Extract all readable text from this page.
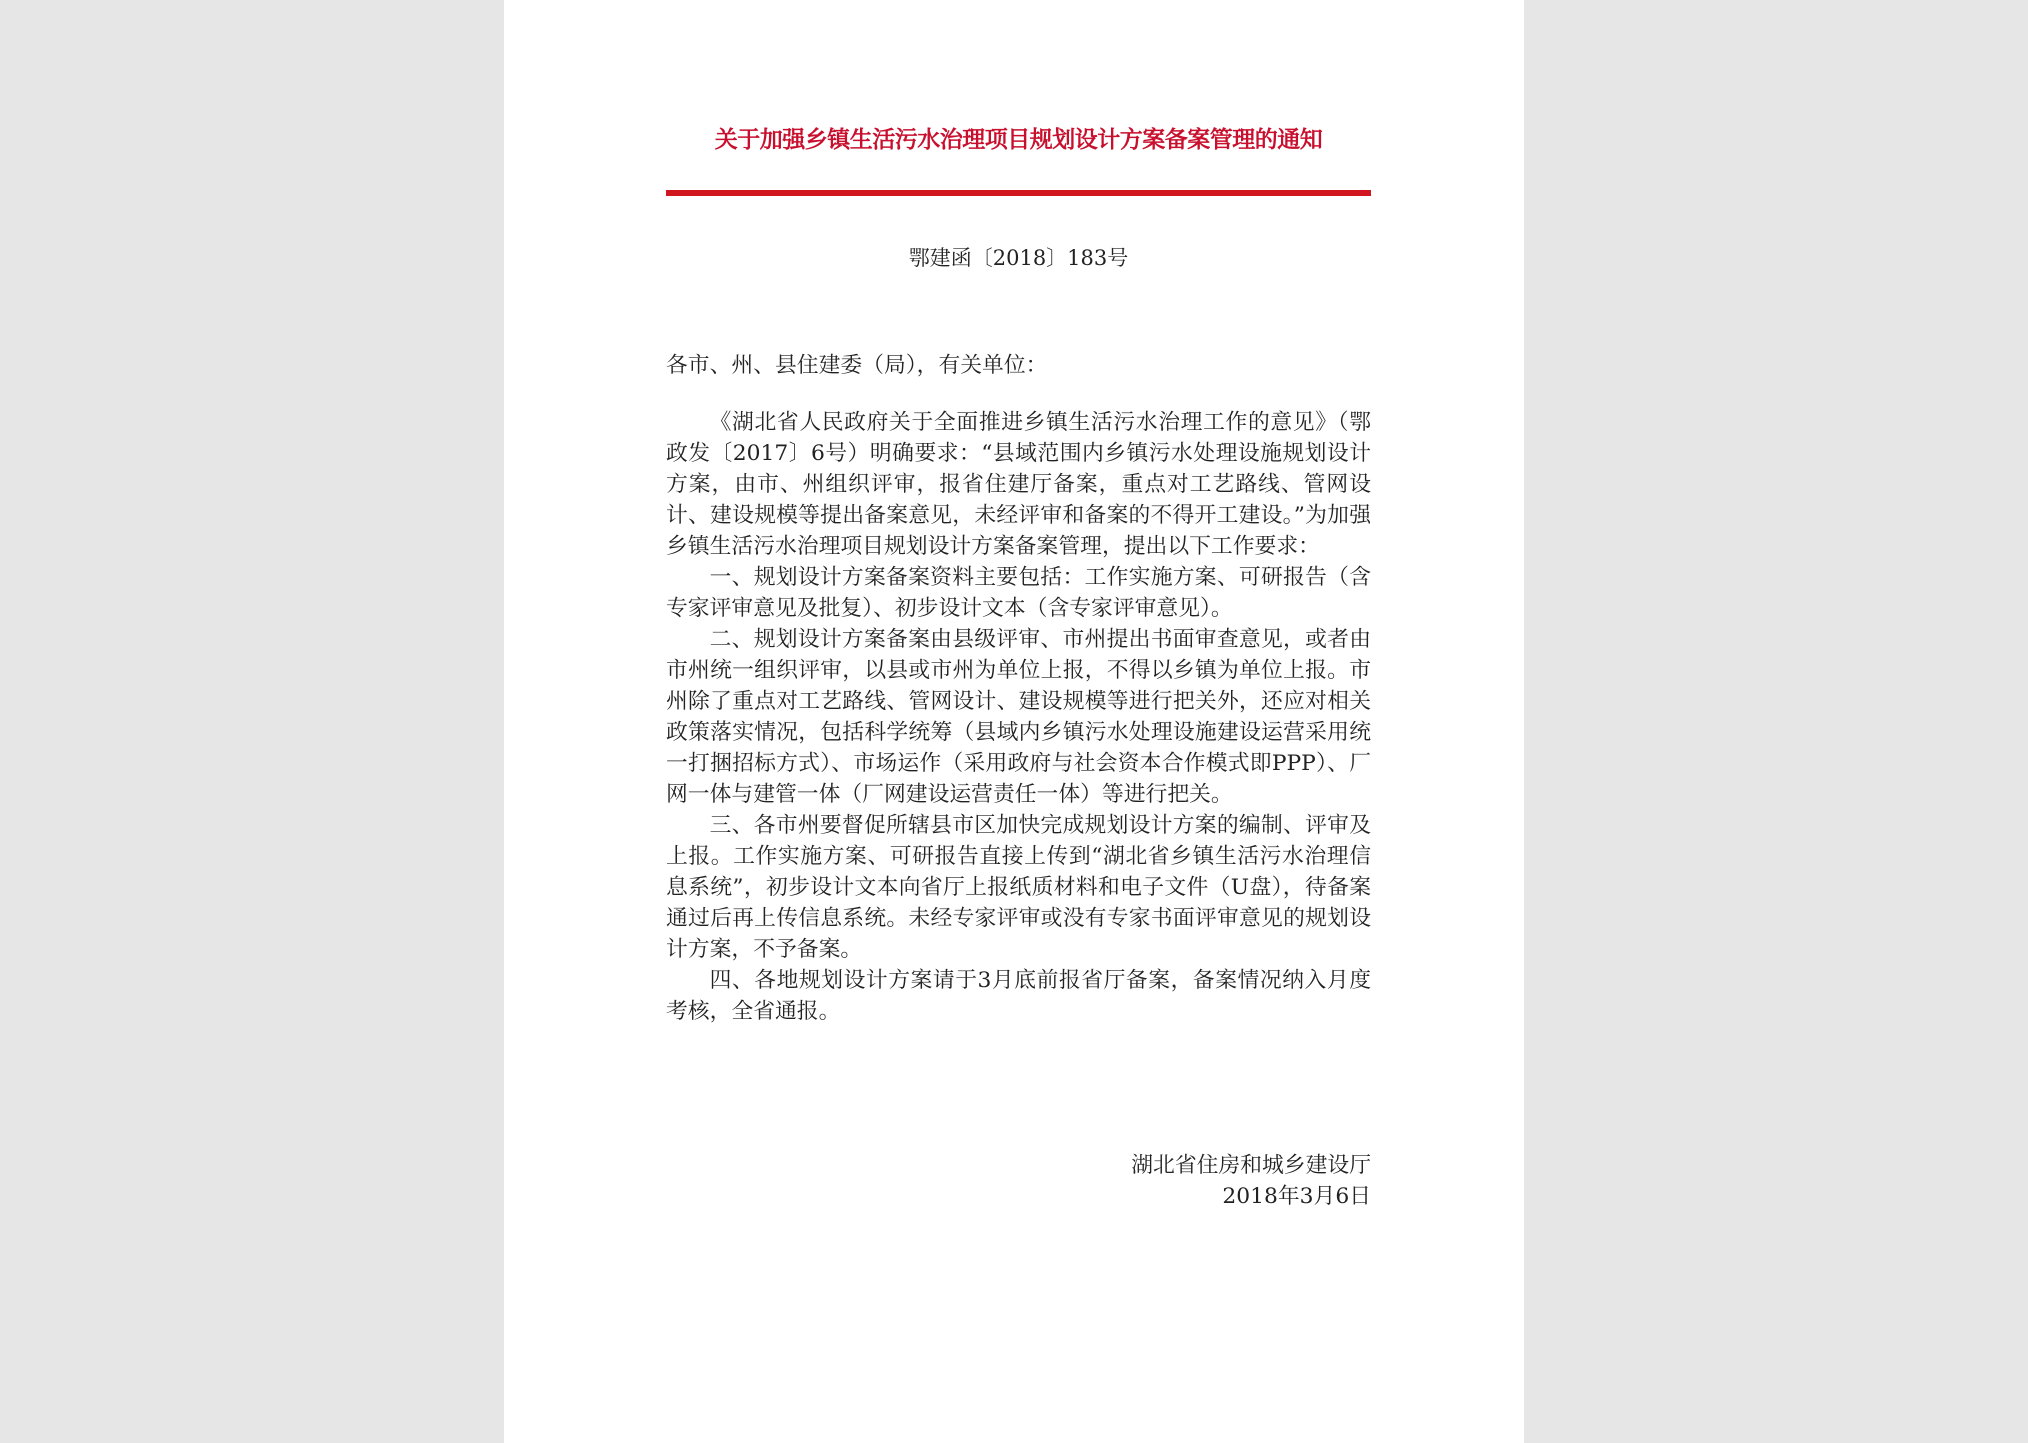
关于加强乡镇生活污水治理项目规划设计方案备案管理的通知
鄂建函〔2018〕183号

各市、州、县住建委（局），有关单位：

《湖北省人民政府关于全面推进乡镇生活污水治理工作的意见》（鄂政发〔2017〕6号）明确要求：“县域范围内乡镇污水处理设施规划设计方案，由市、州组织评审，报省住建厅备案，重点对工艺路线、管网设计、建设规模等提出备案意见，未经评审和备案的不得开工建设。”为加强乡镇生活污水治理项目规划设计方案备案管理，提出以下工作要求：

一、规划设计方案备案资料主要包括：工作实施方案、可研报告（含专家评审意见及批复）、初步设计文本（含专家评审意见）。

二、规划设计方案备案由县级评审、市州提出书面审查意见，或者由市州统一组织评审，以县或市州为单位上报，不得以乡镇为单位上报。市州除了重点对工艺路线、管网设计、建设规模等进行把关外，还应对相关政策落实情况，包括科学统筹（县域内乡镇污水处理设施建设运营采用统一打捆招标方式）、市场运作（采用政府与社会资本合作模式即PPP）、厂网一体与建管一体（厂网建设运营责任一体）等进行把关。

三、各市州要督促所辖县市区加快完成规划设计方案的编制、评审及上报。工作实施方案、可研报告直接上传到“湖北省乡镇生活污水治理信息系统”，初步设计文本向省厅上报纸质材料和电子文件（U盘），待备案通过后再上传信息系统。未经专家评审或没有专家书面评审意见的规划设计方案，不予备案。

四、各地规划设计方案请于3月底前报省厅备案，备案情况纳入月度考核，全省通报。

湖北省住房和城乡建设厅
2018年3月6日
